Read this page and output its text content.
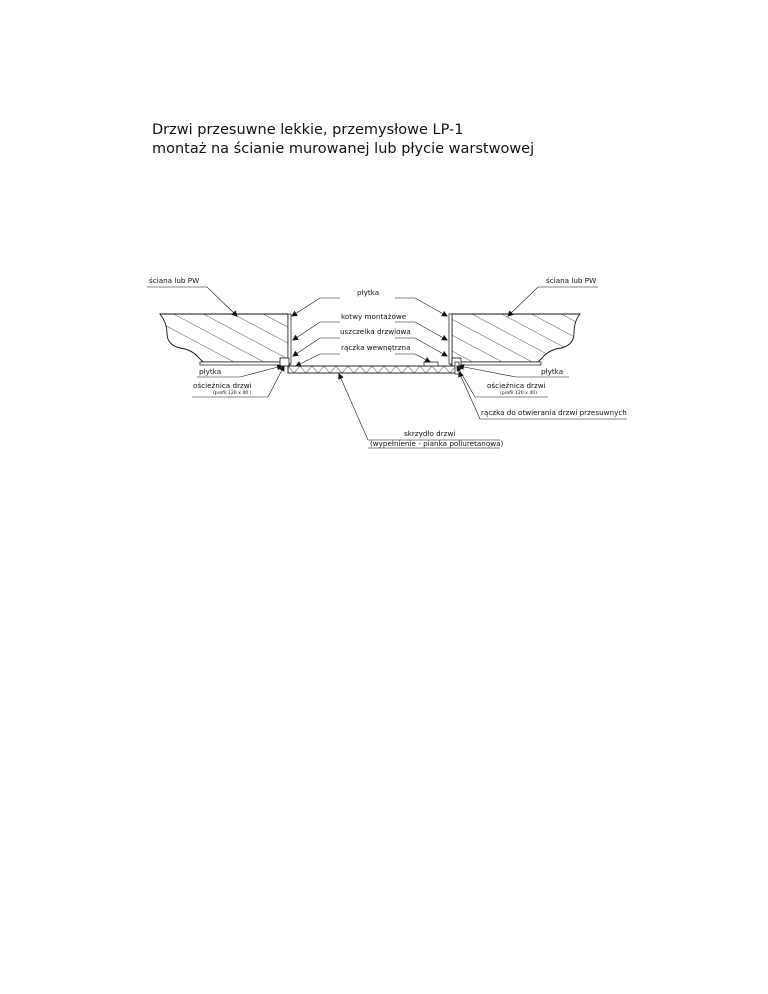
Drzwi przesuwne lekkie, przemysłowe LP-1
montaż na ścianie murowanej lub płycie warstwowej
ściana lub PW	ściana lub PW
płytka
kotwy montażowe
uszczelka drzwiowa
rączka wewnętrzna
płytka	płytka
ościeżnica drzwi
(profil 120 x 40 )
ościeżnica drzwi
(profil 120 x 40)
rączka do otwierania drzwi przesuwnych
skrzydło drzwi
(wypełnienie - pianka poliuretanowa)
